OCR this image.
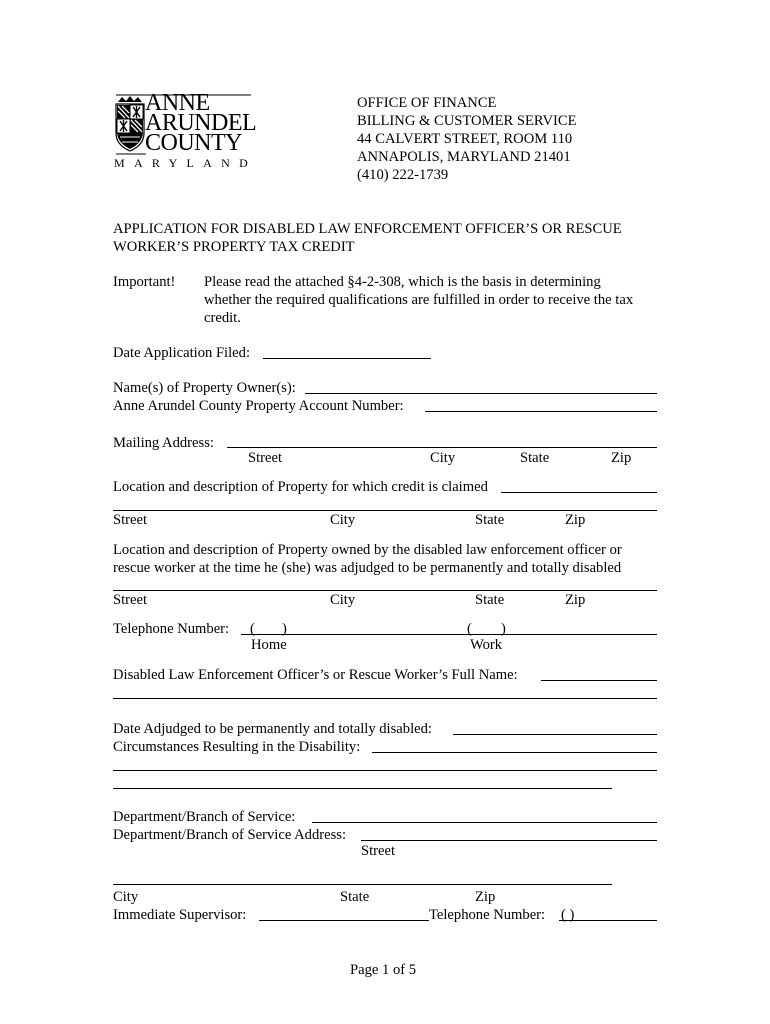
ANNE
ARUNDEL
COUNTY
MARYLAND
OFFICE OF FINANCE
BILLING & CUSTOMER SERVICE
44 CALVERT STREET, ROOM 110
ANNAPOLIS, MARYLAND 21401
(410) 222-1739
APPLICATION FOR DISABLED LAW ENFORCEMENT OFFICER’S OR RESCUE
WORKER’S PROPERTY TAX CREDIT
Important! Please read the attached §4-2-308, which is the basis in determining
whether the required qualifications are fulfilled in order to receive the tax
credit.
Date Application Filed:
Name(s) of Property Owner(s):
Anne Arundel County Property Account Number:
Mailing Address:
Street	City	State	Zip
Location and description of Property for which credit is claimed
Street	City	State	Zip
Location and description of Property owned by the disabled law enforcement officer or
rescue worker at the time he (she) was adjudged to be permanently and totally disabled
Street	City	State	Zip
Telephone Number: ( )	( )
Home	Work
Disabled Law Enforcement Officer’s or Rescue Worker’s Full Name:
Date Adjudged to be permanently and totally disabled:
Circumstances Resulting in the Disability:
Department/Branch of Service:
Department/Branch of Service Address:
Street
City	State	Zip
Immediate Supervisor:	Telephone Number: ( )
Page 1 of 5
